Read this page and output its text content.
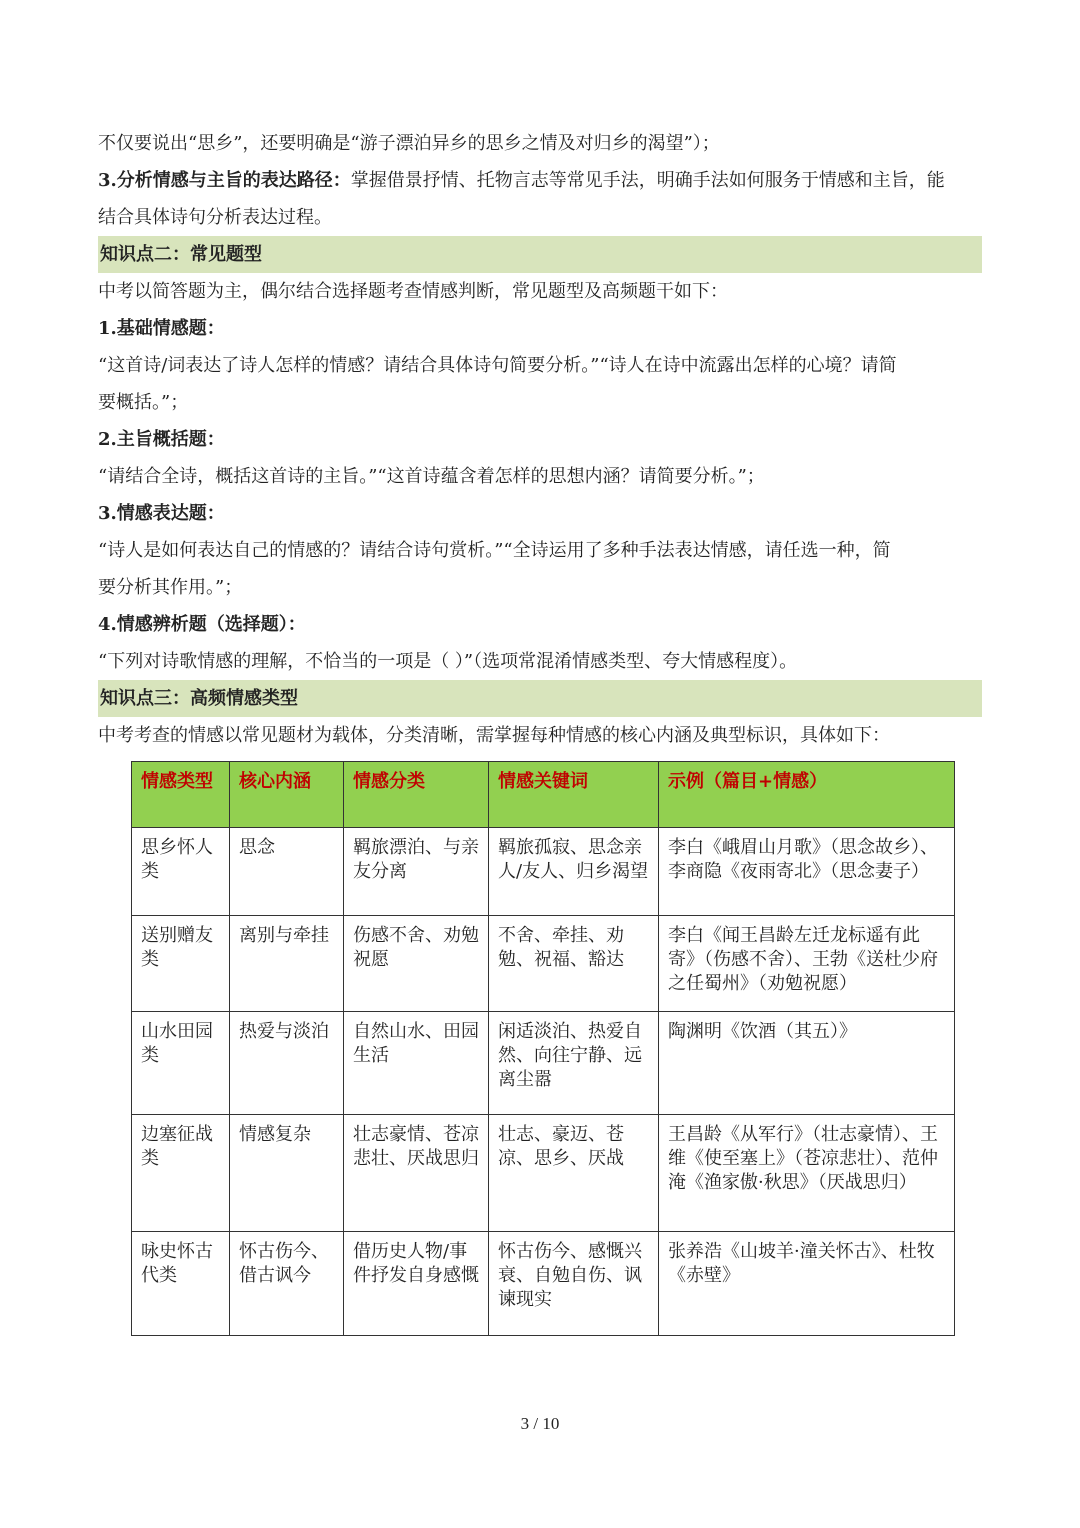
不仅要说出“思乡”，还要明确是“游子漂泊异乡的思乡之情及对归乡的渴望”）；
3.分析情感与主旨的表达路径：掌握借景抒情、托物言志等常见手法，明确手法如何服务于情感和主旨，能
结合具体诗句分析表达过程。
知识点二：常见题型
中考以简答题为主，偶尔结合选择题考查情感判断，常见题型及高频题干如下：
1.基础情感题：
“这首诗/词表达了诗人怎样的情感？请结合具体诗句简要分析。”“诗人在诗中流露出怎样的心境？请简
要概括。”；
2.主旨概括题：
“请结合全诗，概括这首诗的主旨。”“这首诗蕴含着怎样的思想内涵？请简要分析。”；
3.情感表达题：
“诗人是如何表达自己的情感的？请结合诗句赏析。”“全诗运用了多种手法表达情感，请任选一种，简
要分析其作用。”；
4.情感辨析题（选择题）：
“下列对诗歌情感的理解，不恰当的一项是（ ）”（选项常混淆情感类型、夸大情感程度）。
知识点三：高频情感类型
中考考查的情感以常见题材为载体，分类清晰，需掌握每种情感的核心内涵及典型标识，具体如下：
情感类型	核心内涵	情感分类	情感关键词	示例（篇目+情感）
思乡怀人类	思念	羁旅漂泊、与亲友分离	羁旅孤寂、思念亲人/友人、归乡渴望	李白《峨眉山月歌》（思念故乡）、李商隐《夜雨寄北》（思念妻子）
送别赠友类	离别与牵挂	伤感不舍、劝勉祝愿	不舍、牵挂、劝勉、祝福、豁达	李白《闻王昌龄左迁龙标遥有此寄》（伤感不舍）、王勃《送杜少府之任蜀州》（劝勉祝愿）
山水田园类	热爱与淡泊	自然山水、田园生活	闲适淡泊、热爱自然、向往宁静、远离尘嚣	陶渊明《饮酒（其五）》
边塞征战类	情感复杂	壮志豪情、苍凉悲壮、厌战思归	壮志、豪迈、苍凉、思乡、厌战	王昌龄《从军行》（壮志豪情）、王维《使至塞上》（苍凉悲壮）、范仲淹《渔家傲·秋思》（厌战思归）
咏史怀古代类	怀古伤今、借古讽今	借历史人物/事件抒发自身感慨	怀古伤今、感慨兴衰、自勉自伤、讽谏现实	张养浩《山坡羊·潼关怀古》、杜牧《赤壁》
3 / 10
